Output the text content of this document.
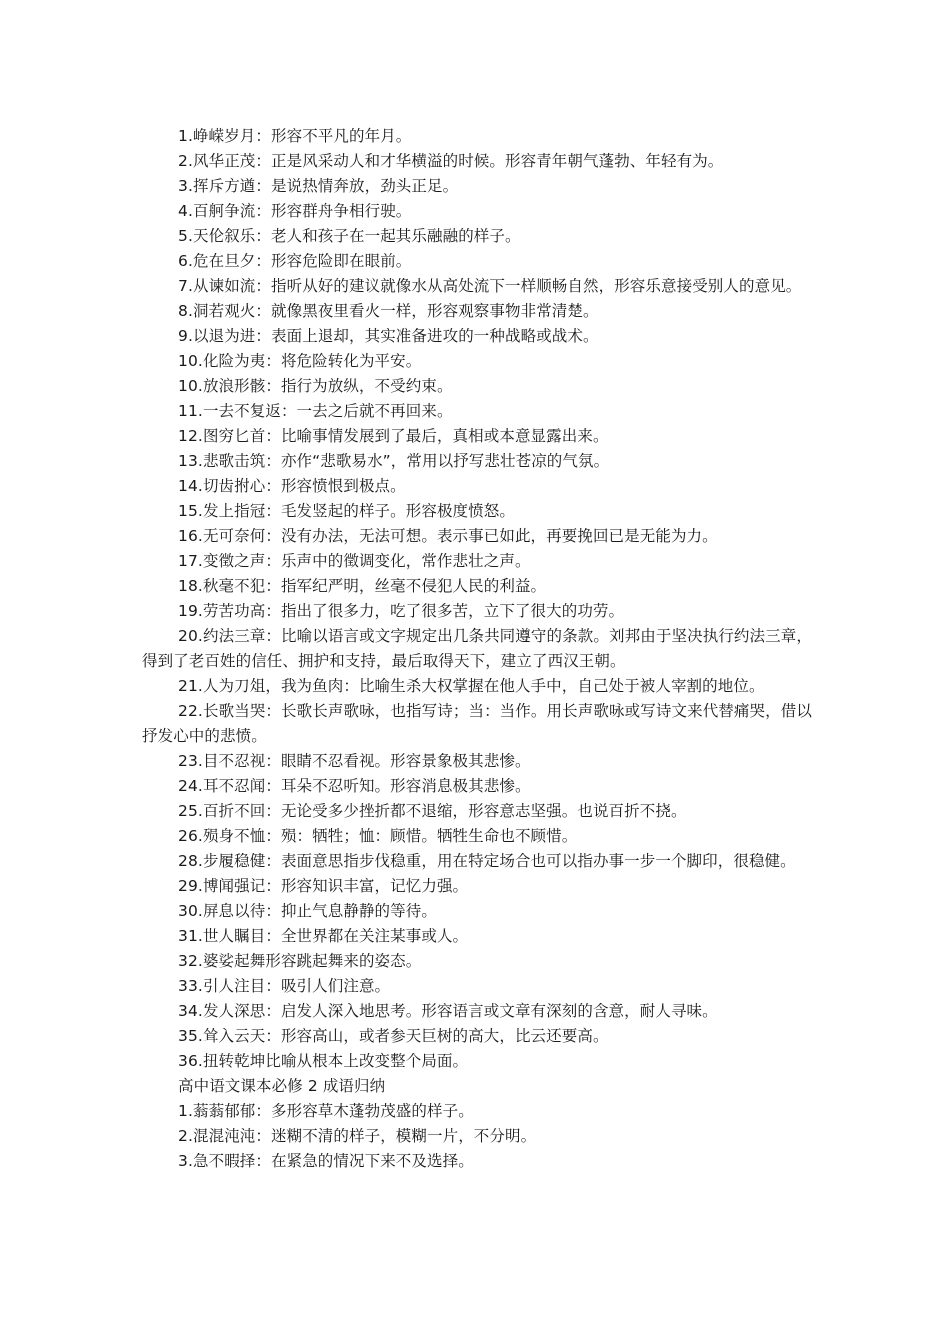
1.峥嵘岁月：形容不平凡的年月。

2.风华正茂：正是风采动人和才华横溢的时候。形容青年朝气蓬勃、年轻有为。

3.挥斥方遒：是说热情奔放，劲头正足。

4.百舸争流：形容群舟争相行驶。

5.天伦叙乐：老人和孩子在一起其乐融融的样子。

6.危在旦夕：形容危险即在眼前。

7.从谏如流：指听从好的建议就像水从高处流下一样顺畅自然，形容乐意接受别人的意见。

8.洞若观火：就像黑夜里看火一样，形容观察事物非常清楚。

9.以退为进：表面上退却，其实准备进攻的一种战略或战术。

10.化险为夷：将危险转化为平安。

10.放浪形骸：指行为放纵，不受约束。

11.一去不复返：一去之后就不再回来。

12.图穷匕首：比喻事情发展到了最后，真相或本意显露出来。

13.悲歌击筑：亦作“悲歌易水”，常用以抒写悲壮苍凉的气氛。

14.切齿拊心：形容愤恨到极点。

15.发上指冠：毛发竖起的样子。形容极度愤怒。

16.无可奈何：没有办法，无法可想。表示事已如此，再要挽回已是无能为力。

17.变徵之声：乐声中的徵调变化，常作悲壮之声。

18.秋毫不犯：指军纪严明，丝毫不侵犯人民的利益。

19.劳苦功高：指出了很多力，吃了很多苦，立下了很大的功劳。

20.约法三章：比喻以语言或文字规定出几条共同遵守的条款。刘邦由于坚决执行约法三章，得到了老百姓的信任、拥护和支持，最后取得天下，建立了西汉王朝。

21.人为刀俎，我为鱼肉：比喻生杀大权掌握在他人手中，自己处于被人宰割的地位。

22.长歌当哭：长歌长声歌咏，也指写诗；当：当作。用长声歌咏或写诗文来代替痛哭，借以抒发心中的悲愤。

23.目不忍视：眼睛不忍看视。形容景象极其悲惨。

24.耳不忍闻：耳朵不忍听知。形容消息极其悲惨。

25.百折不回：无论受多少挫折都不退缩，形容意志坚强。也说百折不挠。

26.殒身不恤：殒：牺牲；恤：顾惜。牺牲生命也不顾惜。

28.步履稳健：表面意思指步伐稳重，用在特定场合也可以指办事一步一个脚印，很稳健。

29.博闻强记：形容知识丰富，记忆力强。

30.屏息以待：抑止气息静静的等待。

31.世人瞩目：全世界都在关注某事或人。

32.婆娑起舞形容跳起舞来的姿态。

33.引人注目：吸引人们注意。

34.发人深思：启发人深入地思考。形容语言或文章有深刻的含意，耐人寻味。

35.耸入云天：形容高山，或者参天巨树的高大，比云还要高。

36.扭转乾坤比喻从根本上改变整个局面。

高中语文课本必修 2 成语归纳

1.蓊蓊郁郁：多形容草木蓬勃茂盛的样子。

2.混混沌沌：迷糊不清的样子，模糊一片，不分明。

3.急不暇择：在紧急的情况下来不及选择。
